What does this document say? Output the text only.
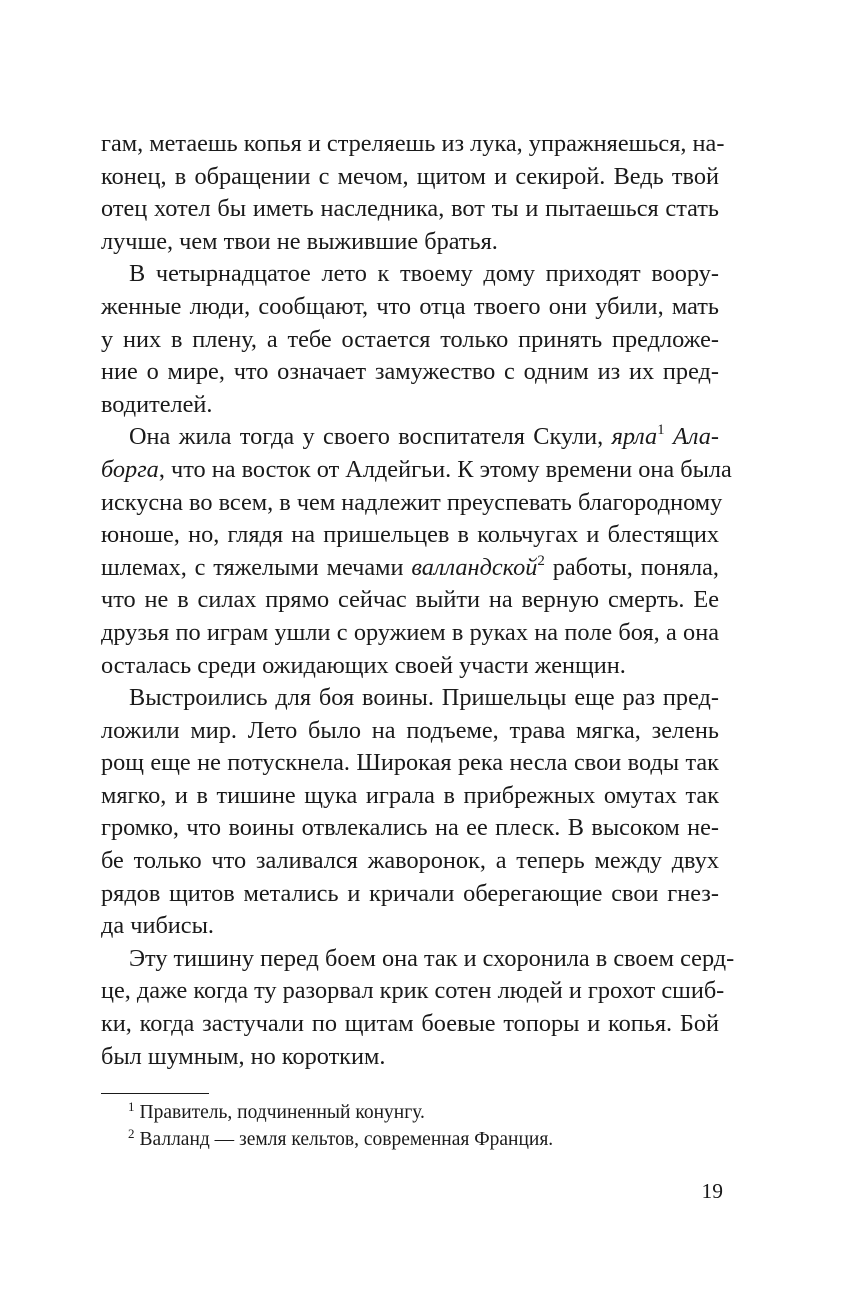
гам, метаешь копья и стреляешь из лука, упражняешься, на-
конец, в обращении с мечом, щитом и секирой. Ведь твой
отец хотел бы иметь наследника, вот ты и пытаешься стать
лучше, чем твои не выжившие братья.
В четырнадцатое лето к твоему дому приходят воору-
женные люди, сообщают, что отца твоего они убили, мать
у них в плену, а тебе остается только принять предложе-
ние о мире, что означает замужество с одним из их пред-
водителей.
Она жила тогда у своего воспитателя Скули, ярла$^1$ Ала-
борга, что на восток от Алдейгьи. К этому времени она была
искусна во всем, в чем надлежит преуспевать благородному
юноше, но, глядя на пришельцев в кольчугах и блестящих
шлемах, с тяжелыми мечами валландской$^2$ работы, поняла,
что не в силах прямо сейчас выйти на верную смерть. Ее
друзья по играм ушли с оружием в руках на поле боя, а она
осталась среди ожидающих своей участи женщин.
Выстроились для боя воины. Пришельцы еще раз пред-
ложили мир. Лето было на подъеме, трава мягка, зелень
рощ еще не потускнела. Широкая река несла свои воды так
мягко, и в тишине щука играла в прибрежных омутах так
громко, что воины отвлекались на ее плеск. В высоком не-
бе только что заливался жаворонок, а теперь между двух
рядов щитов метались и кричали оберегающие свои гнез-
да чибисы.
Эту тишину перед боем она так и схоронила в своем серд-
це, даже когда ту разорвал крик сотен людей и грохот сшиб-
ки, когда застучали по щитам боевые топоры и копья. Бой
был шумным, но коротким.
$^1$ Правитель, подчиненный конунгу.
$^2$ Валланд — земля кельтов, современная Франция.
19
